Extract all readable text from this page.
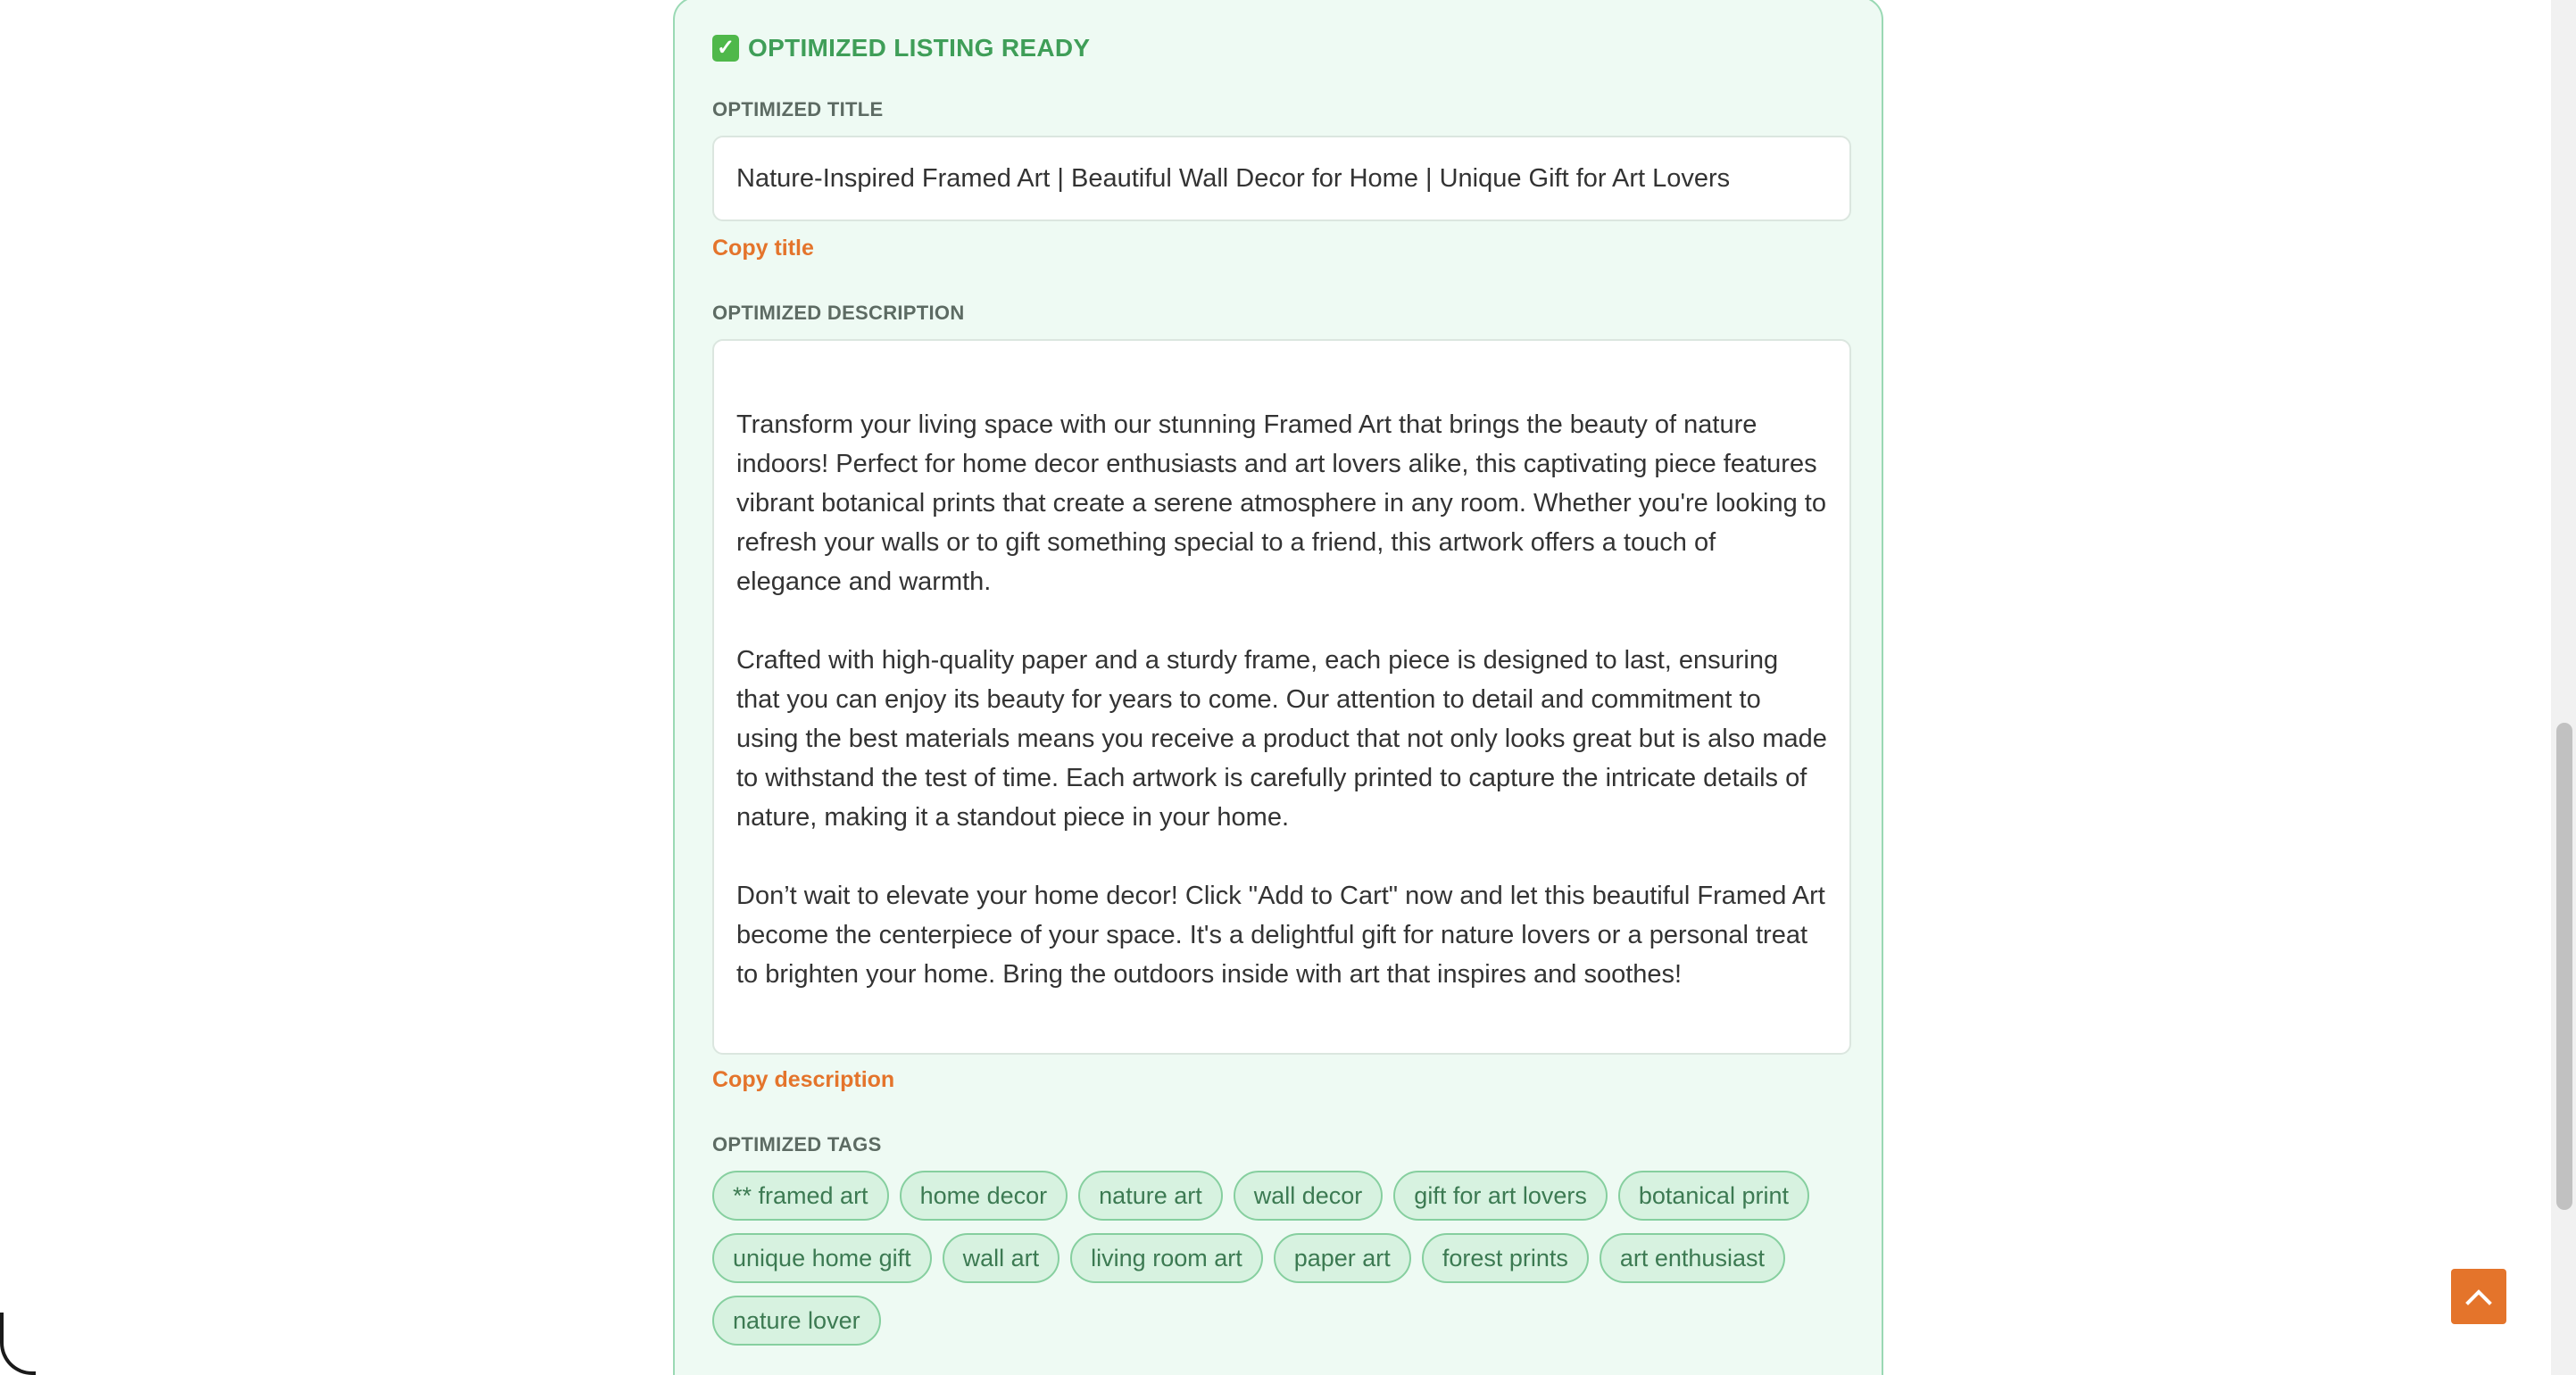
✓ OPTIMIZED LISTING READY
OPTIMIZED TITLE
Nature-Inspired Framed Art | Beautiful Wall Decor for Home | Unique Gift for Art Lovers
Copy title
OPTIMIZED DESCRIPTION

Transform your living space with our stunning Framed Art that brings the beauty of nature indoors! Perfect for home decor enthusiasts and art lovers alike, this captivating piece features vibrant botanical prints that create a serene atmosphere in any room. Whether you're looking to refresh your walls or to gift something special to a friend, this artwork offers a touch of elegance and warmth.

Crafted with high-quality paper and a sturdy frame, each piece is designed to last, ensuring that you can enjoy its beauty for years to come. Our attention to detail and commitment to using the best materials means you receive a product that not only looks great but is also made to withstand the test of time. Each artwork is carefully printed to capture the intricate details of nature, making it a standout piece in your home.

Don’t wait to elevate your home decor! Click "Add to Cart" now and let this beautiful Framed Art become the centerpiece of your space. It's a delightful gift for nature lovers or a personal treat to brighten your home. Bring the outdoors inside with art that inspires and soothes!

Copy description
OPTIMIZED TAGS
** framed art	home decor	nature art	wall decor	gift for art lovers	botanical print
unique home gift	wall art	living room art	paper art	forest prints	art enthusiast
nature lover
